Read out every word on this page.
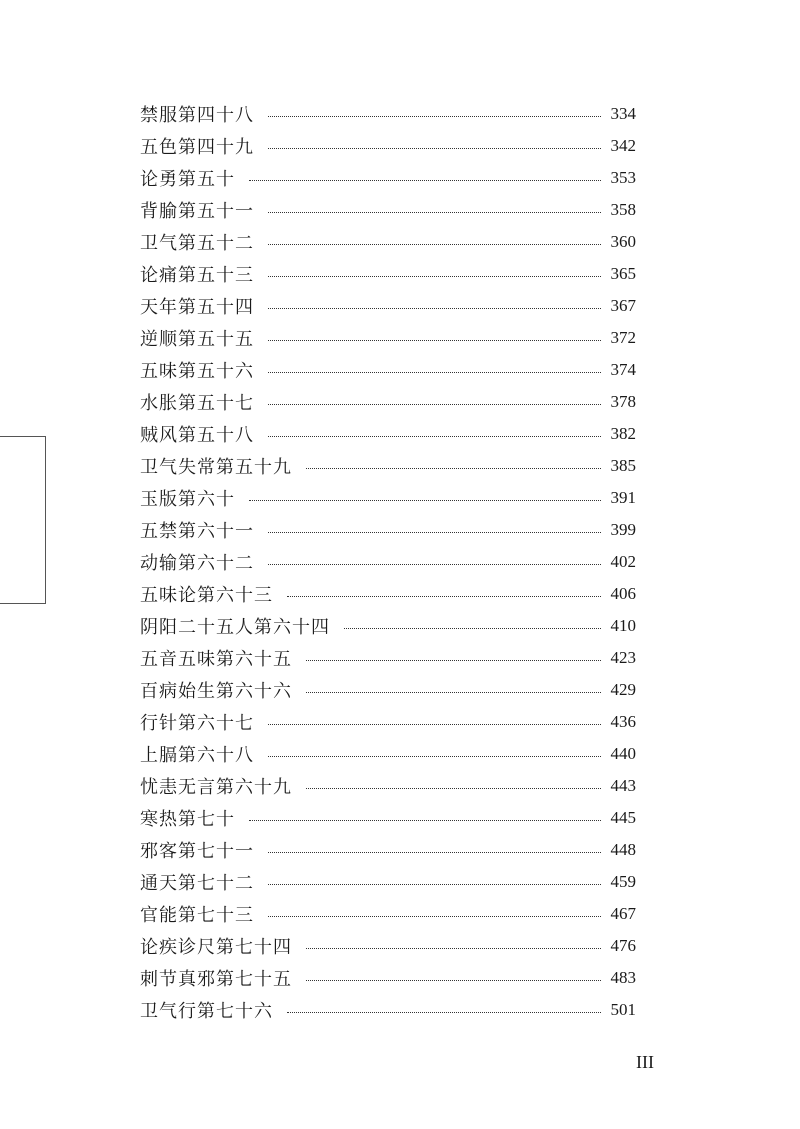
禁服第四十八	334
五色第四十九	342
论勇第五十	353
背腧第五十一	358
卫气第五十二	360
论痛第五十三	365
天年第五十四	367
逆顺第五十五	372
五味第五十六	374
水胀第五十七	378
贼风第五十八	382
卫气失常第五十九	385
玉版第六十	391
五禁第六十一	399
动输第六十二	402
五味论第六十三	406
阴阳二十五人第六十四	410
五音五味第六十五	423
百病始生第六十六	429
行针第六十七	436
上膈第六十八	440
忧恚无言第六十九	443
寒热第七十	445
邪客第七十一	448
通天第七十二	459
官能第七十三	467
论疾诊尺第七十四	476
刺节真邪第七十五	483
卫气行第七十六	501
III
